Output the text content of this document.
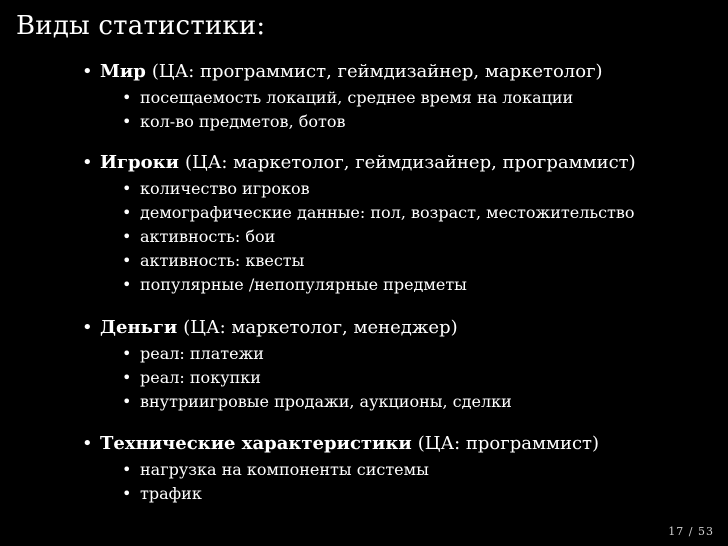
Виды статистики:
• Мир (ЦА: программист, геймдизайнер, маркетолог)
• посещаемость локаций, среднее время на локации
• кол-во предметов, ботов
• Игроки (ЦА: маркетолог, геймдизайнер, программист)
• количество игроков
• демографические данные: пол, возраст, местожительство
• активность: бои
• активность: квесты
• популярные /непопулярные предметы
• Деньги (ЦА: маркетолог, менеджер)
• реал: платежи
• реал: покупки
• внутриигровые продажи, аукционы, сделки
• Технические характеристики (ЦА: программист)
• нагрузка на компоненты системы
• трафик
17 / 53
